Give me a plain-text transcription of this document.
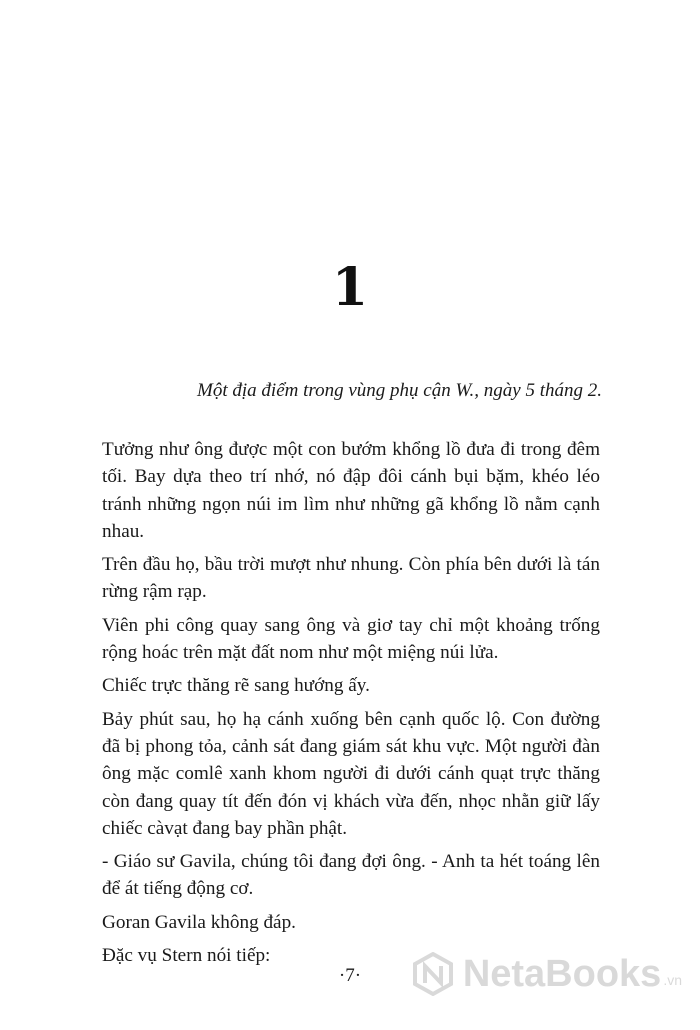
1
Một địa điểm trong vùng phụ cận W., ngày 5 tháng 2.

Tưởng như ông được một con bướm khổng lồ đưa đi trong đêm tối. Bay dựa theo trí nhớ, nó đập đôi cánh bụi bặm, khéo léo tránh những ngọn núi im lìm như những gã khổng lồ nằm cạnh nhau.

Trên đầu họ, bầu trời mượt như nhung. Còn phía bên dưới là tán rừng rậm rạp.

Viên phi công quay sang ông và giơ tay chỉ một khoảng trống rộng hoác trên mặt đất nom như một miệng núi lửa.

Chiếc trực thăng rẽ sang hướng ấy.

Bảy phút sau, họ hạ cánh xuống bên cạnh quốc lộ. Con đường đã bị phong tỏa, cảnh sát đang giám sát khu vực. Một người đàn ông mặc comlê xanh khom người đi dưới cánh quạt trực thăng còn đang quay tít đến đón vị khách vừa đến, nhọc nhằn giữ lấy chiếc càvạt đang bay phần phật.

- Giáo sư Gavila, chúng tôi đang đợi ông. - Anh ta hét toáng lên để át tiếng động cơ.

Goran Gavila không đáp.

Đặc vụ Stern nói tiếp:

·7·	NetaBooks .vn
